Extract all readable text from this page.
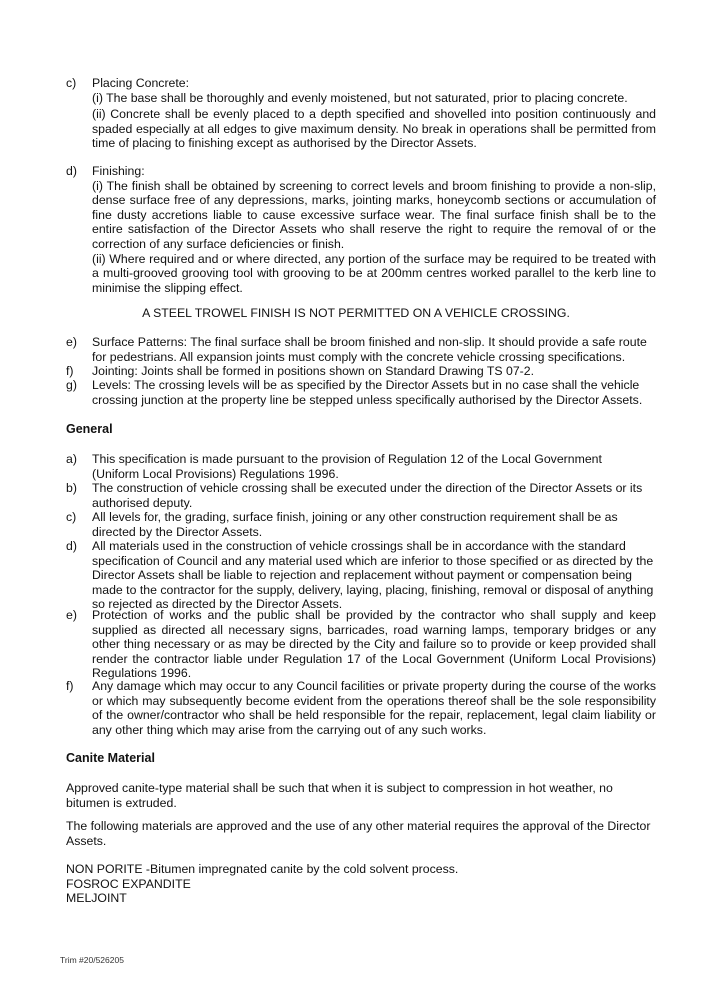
c)	Placing Concrete:

(i) The base shall be thoroughly and evenly moistened, but not saturated, prior to placing concrete.

(ii) Concrete shall be evenly placed to a depth specified and shovelled into position continuously and spaded especially at all edges to give maximum density. No break in operations shall be permitted from time of placing to finishing except as authorised by the Director Assets.

d)	Finishing:

(i) The finish shall be obtained by screening to correct levels and broom finishing to provide a non-slip, dense surface free of any depressions, marks, jointing marks, honeycomb sections or accumulation of fine dusty accretions liable to cause excessive surface wear. The final surface finish shall be to the entire satisfaction of the Director Assets who shall reserve the right to require the removal of or the correction of any surface deficiencies or finish.

(ii) Where required and or where directed, any portion of the surface may be required to be treated with a multi-grooved grooving tool with grooving to be at 200mm centres worked parallel to the kerb line to minimise the slipping effect.

A STEEL TROWEL FINISH IS NOT PERMITTED ON A VEHICLE CROSSING.
e)	Surface Patterns: The final surface shall be broom finished and non-slip. It should provide a safe route for pedestrians. All expansion joints must comply with the concrete vehicle crossing specifications.

f)	Jointing: Joints shall be formed in positions shown on Standard Drawing TS 07-2.

g)	Levels: The crossing levels will be as specified by the Director Assets but in no case shall the vehicle crossing junction at the property line be stepped unless specifically authorised by the Director Assets.

General
a)	This specification is made pursuant to the provision of Regulation 12 of the Local Government (Uniform Local Provisions) Regulations 1996.

b)	The construction of vehicle crossing shall be executed under the direction of the Director Assets or its authorised deputy.

c)	All levels for, the grading, surface finish, joining or any other construction requirement shall be as directed by the Director Assets.

d)	All materials used in the construction of vehicle crossings shall be in accordance with the standard specification of Council and any material used which are inferior to those specified or as directed by the Director Assets shall be liable to rejection and replacement without payment or compensation being made to the contractor for the supply, delivery, laying, placing, finishing, removal or disposal of anything so rejected as directed by the Director Assets.

e)	Protection of works and the public shall be provided by the contractor who shall supply and keep supplied as directed all necessary signs, barricades, road warning lamps, temporary bridges or any other thing necessary or as may be directed by the City and failure so to provide or keep provided shall render the contractor liable under Regulation 17 of the Local Government (Uniform Local Provisions) Regulations 1996.

f)	Any damage which may occur to any Council facilities or private property during the course of the works or which may subsequently become evident from the operations thereof shall be the sole responsibility of the owner/contractor who shall be held responsible for the repair, replacement, legal claim liability or any other thing which may arise from the carrying out of any such works.

Canite Material
Approved canite-type material shall be such that when it is subject to compression in hot weather, no bitumen is extruded.
The following materials are approved and the use of any other material requires the approval of the Director Assets.
NON PORITE -Bitumen impregnated canite by the cold solvent process.
FOSROC EXPANDITE
MELJOINT
Trim #20/526205
